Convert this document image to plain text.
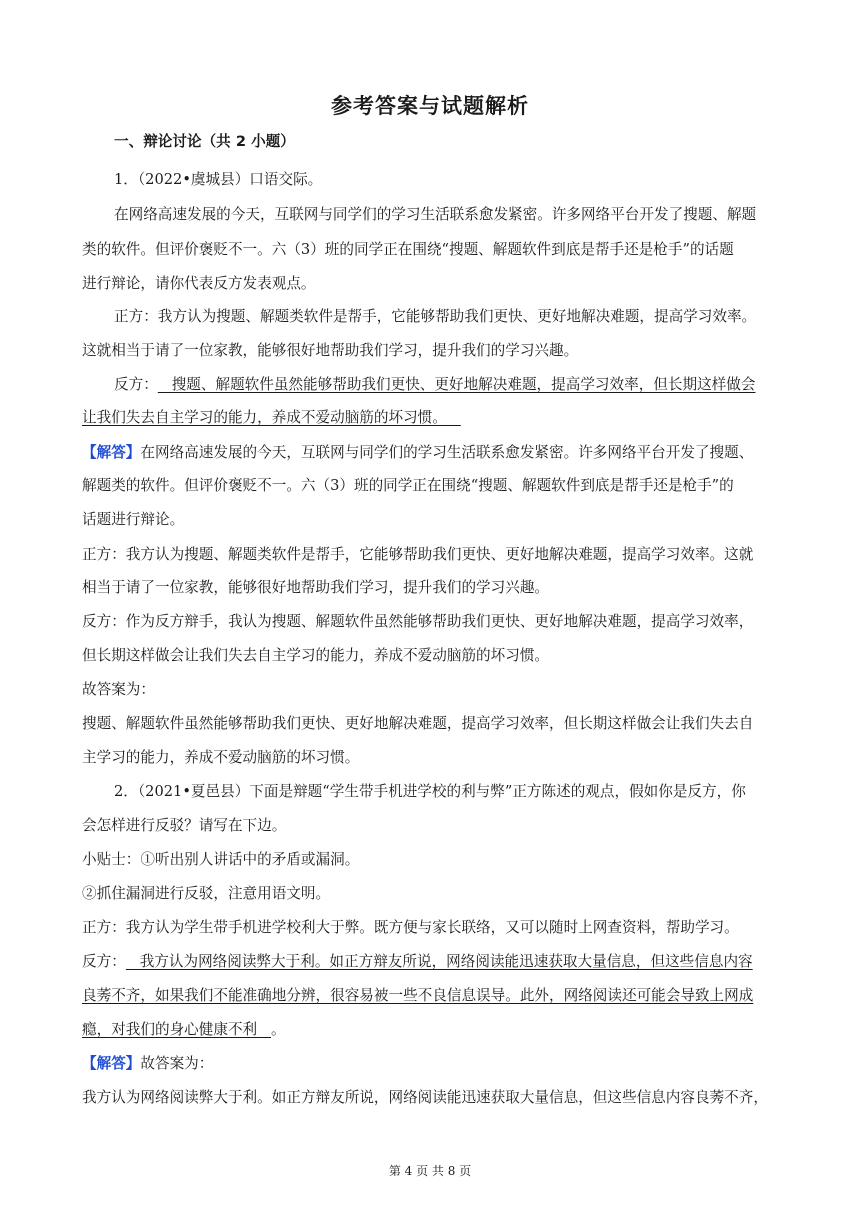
参考答案与试题解析
一、辩论讨论（共 2 小题）
1．（2022•虞城县）口语交际。
在网络高速发展的今天，互联网与同学们的学习生活联系愈发紧密。许多网络平台开发了搜题、解题
类的软件。但评价褒贬不一。六（3）班的同学正在围绕“搜题、解题软件到底是帮手还是枪手”的话题
进行辩论，请你代表反方发表观点。
正方：我方认为搜题、解题类软件是帮手，它能够帮助我们更快、更好地解决难题，提高学习效率。
这就相当于请了一位家教，能够很好地帮助我们学习，提升我们的学习兴趣。
反方：   搜题、解题软件虽然能够帮助我们更快、更好地解决难题，提高学习效率，但长期这样做会
让我们失去自主学习的能力，养成不爱动脑筋的坏习惯。
【解答】在网络高速发展的今天，互联网与同学们的学习生活联系愈发紧密。许多网络平台开发了搜题、
解题类的软件。但评价褒贬不一。六（3）班的同学正在围绕“搜题、解题软件到底是帮手还是枪手”的
话题进行辩论。
正方：我方认为搜题、解题类软件是帮手，它能够帮助我们更快、更好地解决难题，提高学习效率。这就
相当于请了一位家教，能够很好地帮助我们学习，提升我们的学习兴趣。
反方：作为反方辩手，我认为搜题、解题软件虽然能够帮助我们更快、更好地解决难题，提高学习效率，
但长期这样做会让我们失去自主学习的能力，养成不爱动脑筋的坏习惯。
故答案为：
搜题、解题软件虽然能够帮助我们更快、更好地解决难题，提高学习效率，但长期这样做会让我们失去自
主学习的能力，养成不爱动脑筋的坏习惯。
2．（2021•夏邑县）下面是辩题“学生带手机进学校的利与弊”正方陈述的观点，假如你是反方，你
会怎样进行反驳？请写在下边。
小贴士：①听出别人讲话中的矛盾或漏洞。
②抓住漏洞进行反驳，注意用语文明。
正方：我方认为学生带手机进学校利大于弊。既方便与家长联络，又可以随时上网查资料，帮助学习。
反方：   我方认为网络阅读弊大于利。如正方辩友所说，网络阅读能迅速获取大量信息，但这些信息内容
良莠不齐，如果我们不能准确地分辨，很容易被一些不良信息误导。此外，网络阅读还可能会导致上网成
瘾，对我们的身心健康不利   。
【解答】故答案为：
我方认为网络阅读弊大于利。如正方辩友所说，网络阅读能迅速获取大量信息，但这些信息内容良莠不齐，
第 4 页 共 8 页
